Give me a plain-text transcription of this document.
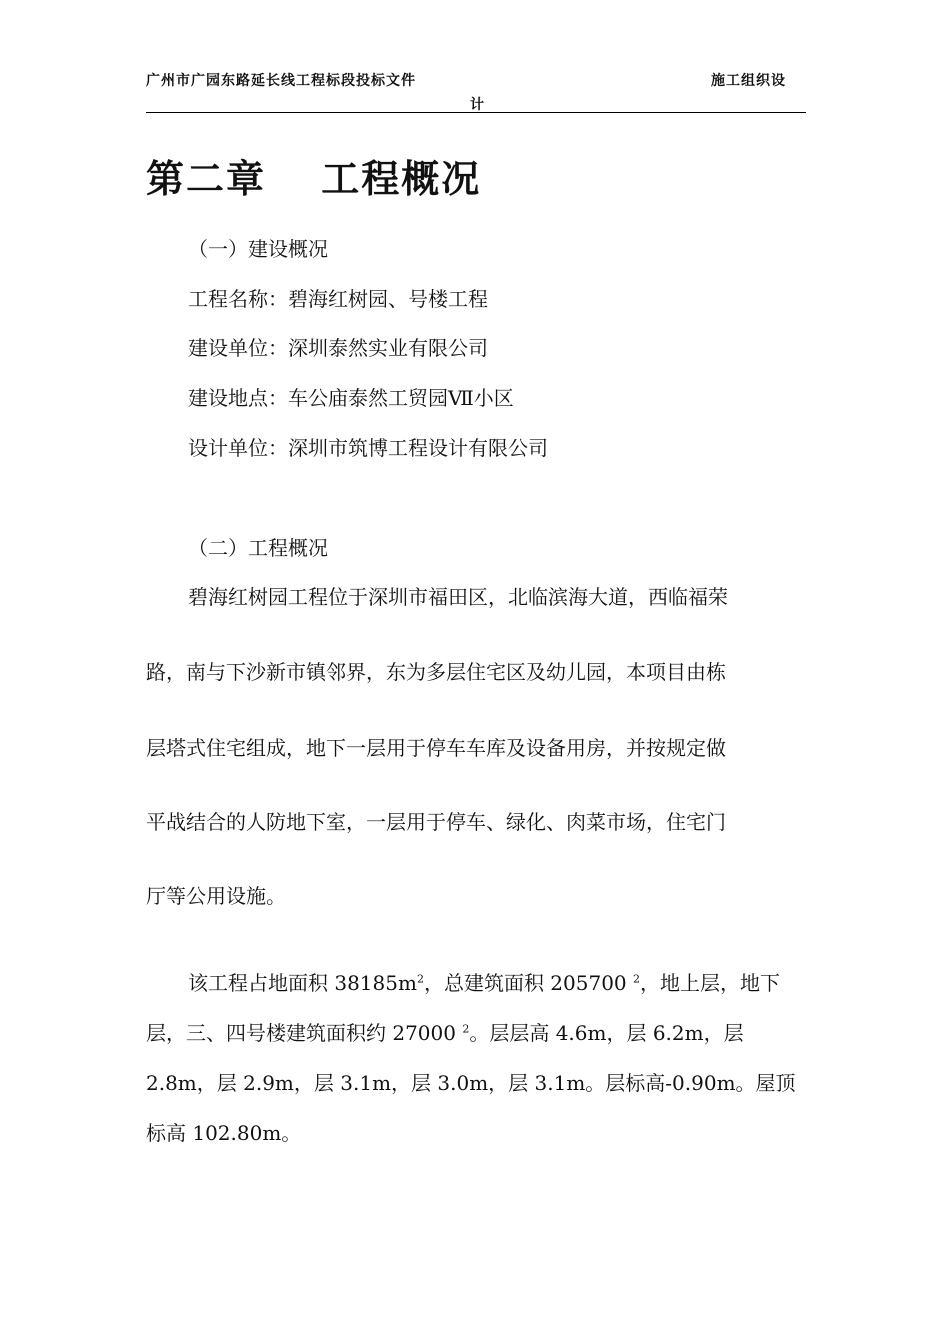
广州市广园东路延长线工程标段投标文件	施工组织设
计
第二章　 工程概况
（一）建设概况
工程名称：碧海红树园、号楼工程
建设单位：深圳泰然实业有限公司
建设地点：车公庙泰然工贸园Ⅶ小区
设计单位：深圳市筑博工程设计有限公司
（二）工程概况
碧海红树园工程位于深圳市福田区，北临滨海大道，西临福荣
路，南与下沙新市镇邻界，东为多层住宅区及幼儿园，本项目由栋
层塔式住宅组成，地下一层用于停车车库及设备用房，并按规定做
平战结合的人防地下室，一层用于停车、绿化、肉菜市场，住宅门
厅等公用设施。
该工程占地面积 $38185m^2$，总建筑面积 205700 $^2$，地上层，地下
层，三、四号楼建筑面积约 27000 $^2$。层层高 4.6m，层 6.2m，层
2.8m，层 2.9m，层 3.1m，层 3.0m，层 3.1m。层标高-0.90m。屋顶
标高 102.80m。
